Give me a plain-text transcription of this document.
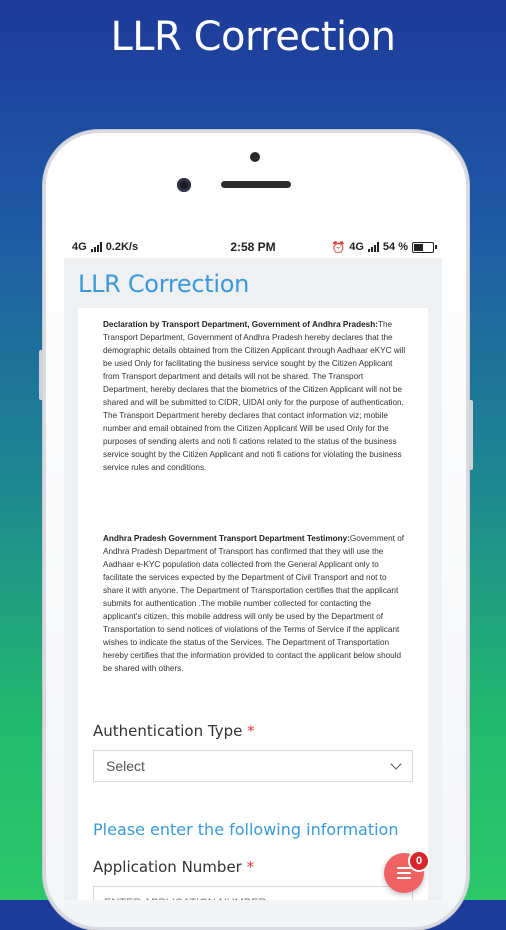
LLR Correction
4G 0.2K/s	2:58 PM	⏰ 4G 54 %
LLR Correction
Declaration by Transport Department, Government of Andhra Pradesh:The Transport Department, Government of Andhra Pradesh hereby declares that the demographic details obtained from the Citizen Applicant through Aadhaar eKYC will be used Only for facilitating the business service sought by the Citizen Applicant from Transport department and details will not be shared. The Transport Department, hereby declares that the biometrics of the Citizen Applicant will not be shared and will be submitted to CIDR, UIDAI only for the purpose of authentication. The Transport Department hereby declares that contact information viz; mobile number and email obtained from the Citizen Applicant Will be used Only for the purposes of sending alerts and noti fi cations related to the status of the business service sought by the Citizen Applicant and noti fi cations for violating the business service rules and conditions.
Andhra Pradesh Government Transport Department Testimony:Government of Andhra Pradesh Department of Transport has confirmed that they will use the Aadhaar e-KYC population data collected from the General Applicant only to facilitate the services expected by the Department of Civil Transport and not to share it with anyone. The Department of Transportation certifies that the applicant submits for authentication .The mobile number collected for contacting the applicant's citizen, this mobile address will only be used by the Department of Transportation to send notices of violations of the Terms of Service if the applicant wishes to indicate the status of the Services. The Department of Transportation hereby certifies that the information provided to contact the applicant below should be shared with others.
Authentication Type *
Select
Please enter the following information
Application Number *
ENTER APPLICATION NUMBER	0
